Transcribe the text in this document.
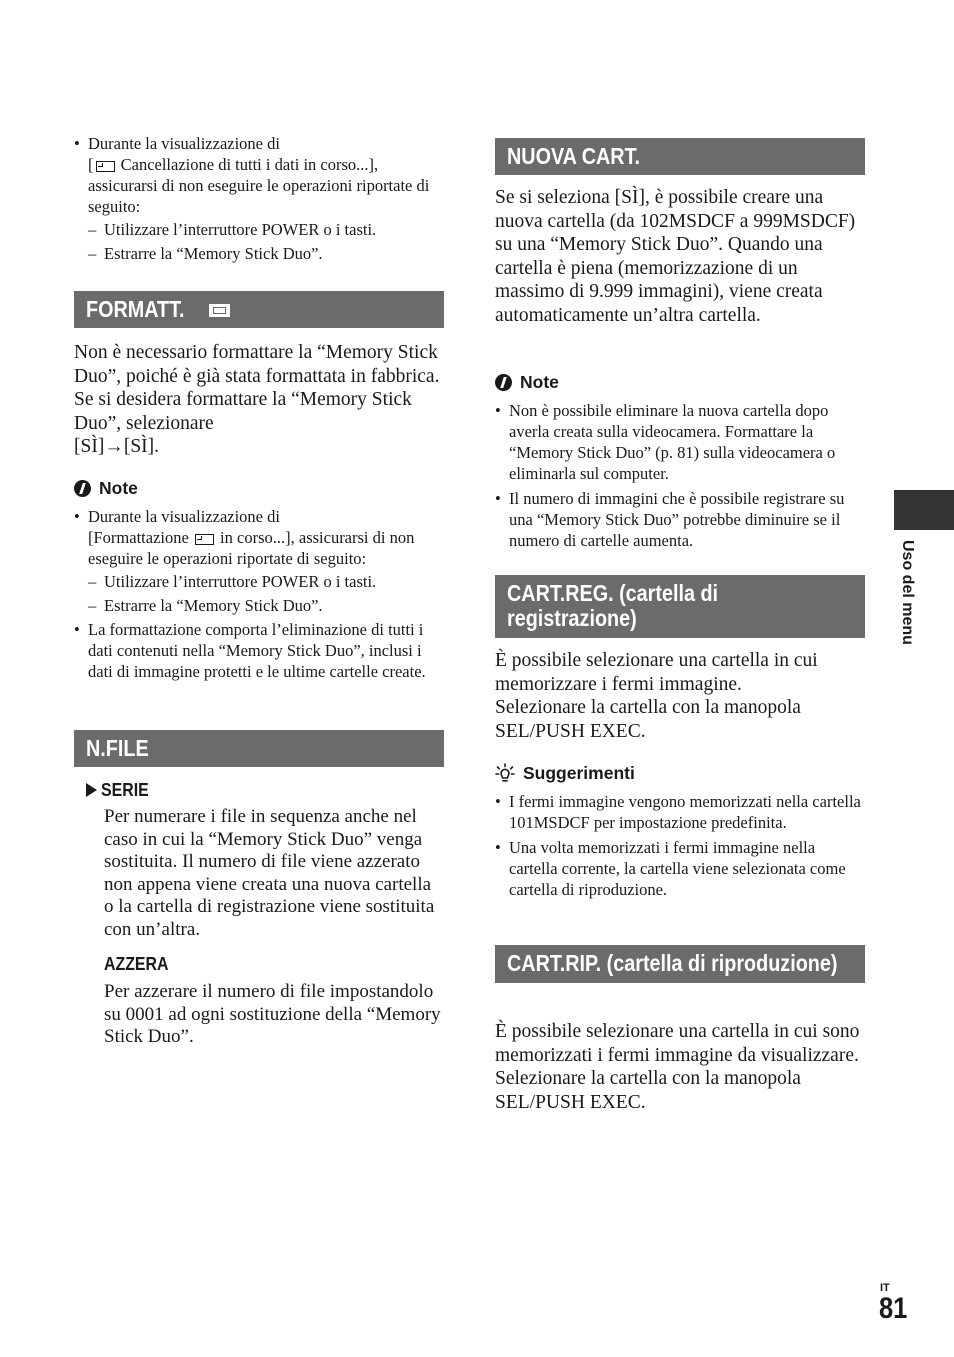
• Durante la visualizzazione di
[ Cancellazione di tutti i dati in corso...], assicurarsi di non eseguire le operazioni riportate di seguito:
– Utilizzare l’interruttore POWER o i tasti.
– Estrarre la “Memory Stick Duo”.
FORMATT.

Non è necessario formattare la “Memory Stick Duo”, poiché è già stata formattata in fabbrica. Se si desidera formattare la “Memory Stick Duo”, selezionare
[SÌ]→[SÌ].

Note
• Durante la visualizzazione di
[Formattazione in corso...], assicurarsi di non eseguire le operazioni riportate di seguito:
– Utilizzare l’interruttore POWER o i tasti.
– Estrarre la “Memory Stick Duo”.
• La formattazione comporta l’eliminazione di tutti i dati contenuti nella “Memory Stick Duo”, inclusi i dati di immagine protetti e le ultime cartelle create.
N.FILE
SERIE

Per numerare i file in sequenza anche nel caso in cui la “Memory Stick Duo” venga sostituita. Il numero di file viene azzerato non appena viene creata una nuova cartella o la cartella di registrazione viene sostituita con un’altra.

AZZERA

Per azzerare il numero di file impostandolo su 0001 ad ogni sostituzione della “Memory Stick Duo”.

NUOVA CART.

Se si seleziona [SÌ], è possibile creare una nuova cartella (da 102MSDCF a 999MSDCF) su una “Memory Stick Duo”. Quando una cartella è piena (memorizzazione di un massimo di 9.999 immagini), viene creata automaticamente un’altra cartella.

Note
• Non è possibile eliminare la nuova cartella dopo averla creata sulla videocamera. Formattare la “Memory Stick Duo” (p. 81) sulla videocamera o eliminarla sul computer.
• Il numero di immagini che è possibile registrare su una “Memory Stick Duo” potrebbe diminuire se il numero di cartelle aumenta.
CART.REG. (cartella di registrazione)

È possibile selezionare una cartella in cui memorizzare i fermi immagine.
Selezionare la cartella con la manopola SEL/PUSH EXEC.

Suggerimenti
• I fermi immagine vengono memorizzati nella cartella 101MSDCF per impostazione predefinita.
• Una volta memorizzati i fermi immagine nella cartella corrente, la cartella viene selezionata come cartella di riproduzione.
CART.RIP. (cartella di riproduzione)

È possibile selezionare una cartella in cui sono memorizzati i fermi immagine da visualizzare.
Selezionare la cartella con la manopola SEL/PUSH EXEC.

Uso del menu
IT
81
